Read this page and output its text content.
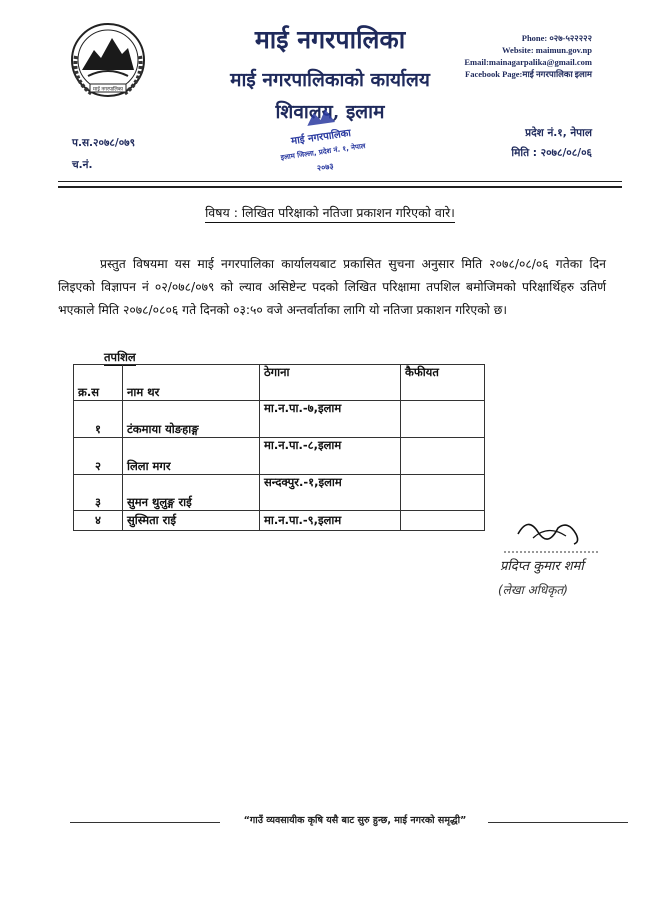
माई नगरपालिका
माई नगरपालिका
माई नगरपालिकाको कार्यालय
शिवालय, इलाम
Phone: ०२७-५२२२२२
Website: maimun.gov.np
Email:mainagarpalika@gmail.com
Facebook Page:माई नगरपालिका इलाम
माई नगरपालिका
इलाम जिल्ला, प्रदेश नं. १, नेपाल
२०७३
प.स.२०७८/०७९
च.नं.
प्रदेश नं.१, नेपाल
मिति : २०७८/०८/०६
विषय : लिखित परिक्षाको नतिजा प्रकाशन गरिएको वारे।
प्रस्तुत विषयमा यस माई नगरपालिका कार्यालयबाट प्रकासित सुचना अनुसार मिति २०७८/०८/०६ गतेका दिन लिइएको विज्ञापन नं ०२/०७८/०७९ को ल्याव असिष्टेन्ट पदको लिखित परिक्षामा तपशिल बमोजिमको परिक्षार्थिहरु उतिर्ण भएकाले मिति २०७८/०८०६ गते दिनको ०३:५० वजे अन्तर्वार्ताका लागि यो नतिजा प्रकाशन गरिएको छ।
तपशिल
क्र.स	नाम थर	ठेगाना	कैफीयत
१	टंकमाया योङहाङ्ग	मा.न.पा.-७,इलाम	
२	लिला मगर	मा.न.पा.-८,इलाम	
३	सुमन थुलुङ्ग राई	सन्दक्पुर.-१,इलाम	
४	सुस्मिता राई	मा.न.पा.-९,इलाम	
प्रदिप्त कुमार शर्मा
(लेखा अधिकृत)
“गाउँ व्यवसायीक कृषि यसै बाट सुरु हुन्छ, माई नगरको समृद्धी”
